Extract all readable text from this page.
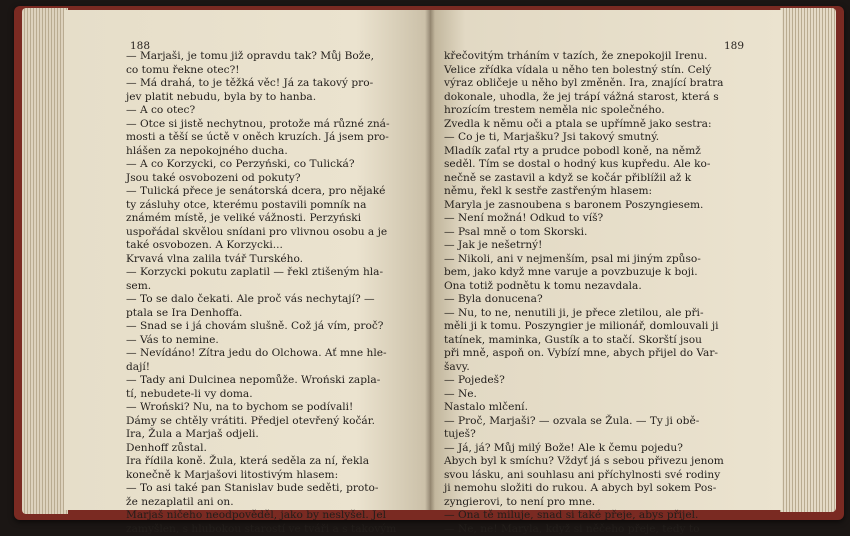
188
— Marjaši, je tomu již opravdu tak? Můj Bože,
co tomu řekne otec?!
— Má drahá, to je těžká věc! Já za takový pro-
jev platit nebudu, byla by to hanba.
— A co otec?
— Otce si jistě nechytnou, protože má různé zná-
mosti a těší se úctě v oněch kruzích. Já jsem pro-
hlášen za nepokojného ducha.
— A co Korzycki, co Perzyński, co Tulická?
Jsou také osvobozeni od pokuty?
— Tulická přece je senátorská dcera, pro nějaké
ty zásluhy otce, kterému postavili pomník na
známém místě, je veliké vážnosti. Perzyński
uspořádal skvělou snídani pro vlivnou osobu a je
také osvobozen. A Korzycki...
Krvavá vlna zalila tvář Turského.
— Korzycki pokutu zaplatil — řekl ztišeným hla-
sem.
— To se dalo čekati. Ale proč vás nechytají? —
ptala se Ira Denhoffa.
— Snad se i já chovám slušně. Což já vím, proč?
— Vás to nemine.
— Nevídáno! Zítra jedu do Olchowa. Ať mne hle-
dají!
— Tady ani Dulcinea nepomůže. Wroński zapla-
tí, nebudete-li vy doma.
— Wroński? Nu, na to bychom se podívali!
Dámy se chtěly vrátiti. Předjel otevřený kočár.
Ira, Žula a Marjaš odjeli.
Denhoff zůstal.
Ira řídila koně. Žula, která seděla za ní, řekla
konečně k Marjašovi litostivým hlasem:
— To asi také pan Stanislav bude seděti, proto-
že nezaplatil ani on.
Marjaš ničeho neodpověděl, jako by neslyšel. Jel
zamyšlen, s hlubokou starostí ve tváři a s takovým
189
křečovitým trháním v tazích, že znepokojil Irenu.
Velice zřídka vídala u něho ten bolestný stín. Celý
výraz obličeje u něho byl změněn. Ira, znající bratra
dokonale, uhodla, že jej trápí vážná starost, která s
hrozícím trestem neměla nic společného.
Zvedla k němu oči a ptala se upřímně jako sestra:
— Co je ti, Marjašku? Jsi takový smutný.
Mladík zaťal rty a prudce pobodl koně, na němž
seděl. Tím se dostal o hodný kus kupředu. Ale ko-
nečně se zastavil a když se kočár přiblížil až k
němu, řekl k sestře zastřeným hlasem:
Maryla je zasnoubena s baronem Poszyngiesem.
— Není možná! Odkud to víš?
— Psal mně o tom Skorski.
— Jak je nešetrný!
— Nikoli, ani v nejmenším, psal mi jiným způso-
bem, jako když mne varuje a povzbuzuje k boji.
Ona totiž podnětu k tomu nezavdala.
— Byla donucena?
— Nu, to ne, nenutili ji, je přece zletilou, ale při-
měli ji k tomu. Poszyngier je milionář, domlouvali ji
tatínek, maminka, Gustík a to stačí. Skorští jsou
při mně, aspoň on. Vybízí mne, abych přijel do Var-
šavy.
— Pojedeš?
— Ne.
Nastalo mlčení.
— Proč, Marjaši? — ozvala se Žula. — Ty ji obě-
tuješ?
— Já, já? Můj milý Bože! Ale k čemu pojedu?
Abych byl k smíchu? Vždyť já s sebou přivezu jenom
svou lásku, ani souhlasu ani příchylnosti své rodiny
ji nemohu složiti do rukou. A abych byl sokem Pos-
zyngierovi, to není pro mne.
— Ona tě miluje, snad si také přeje, abys přijel.
— Ne, ne! Maryla, když si něčeho přeje, tedy to
